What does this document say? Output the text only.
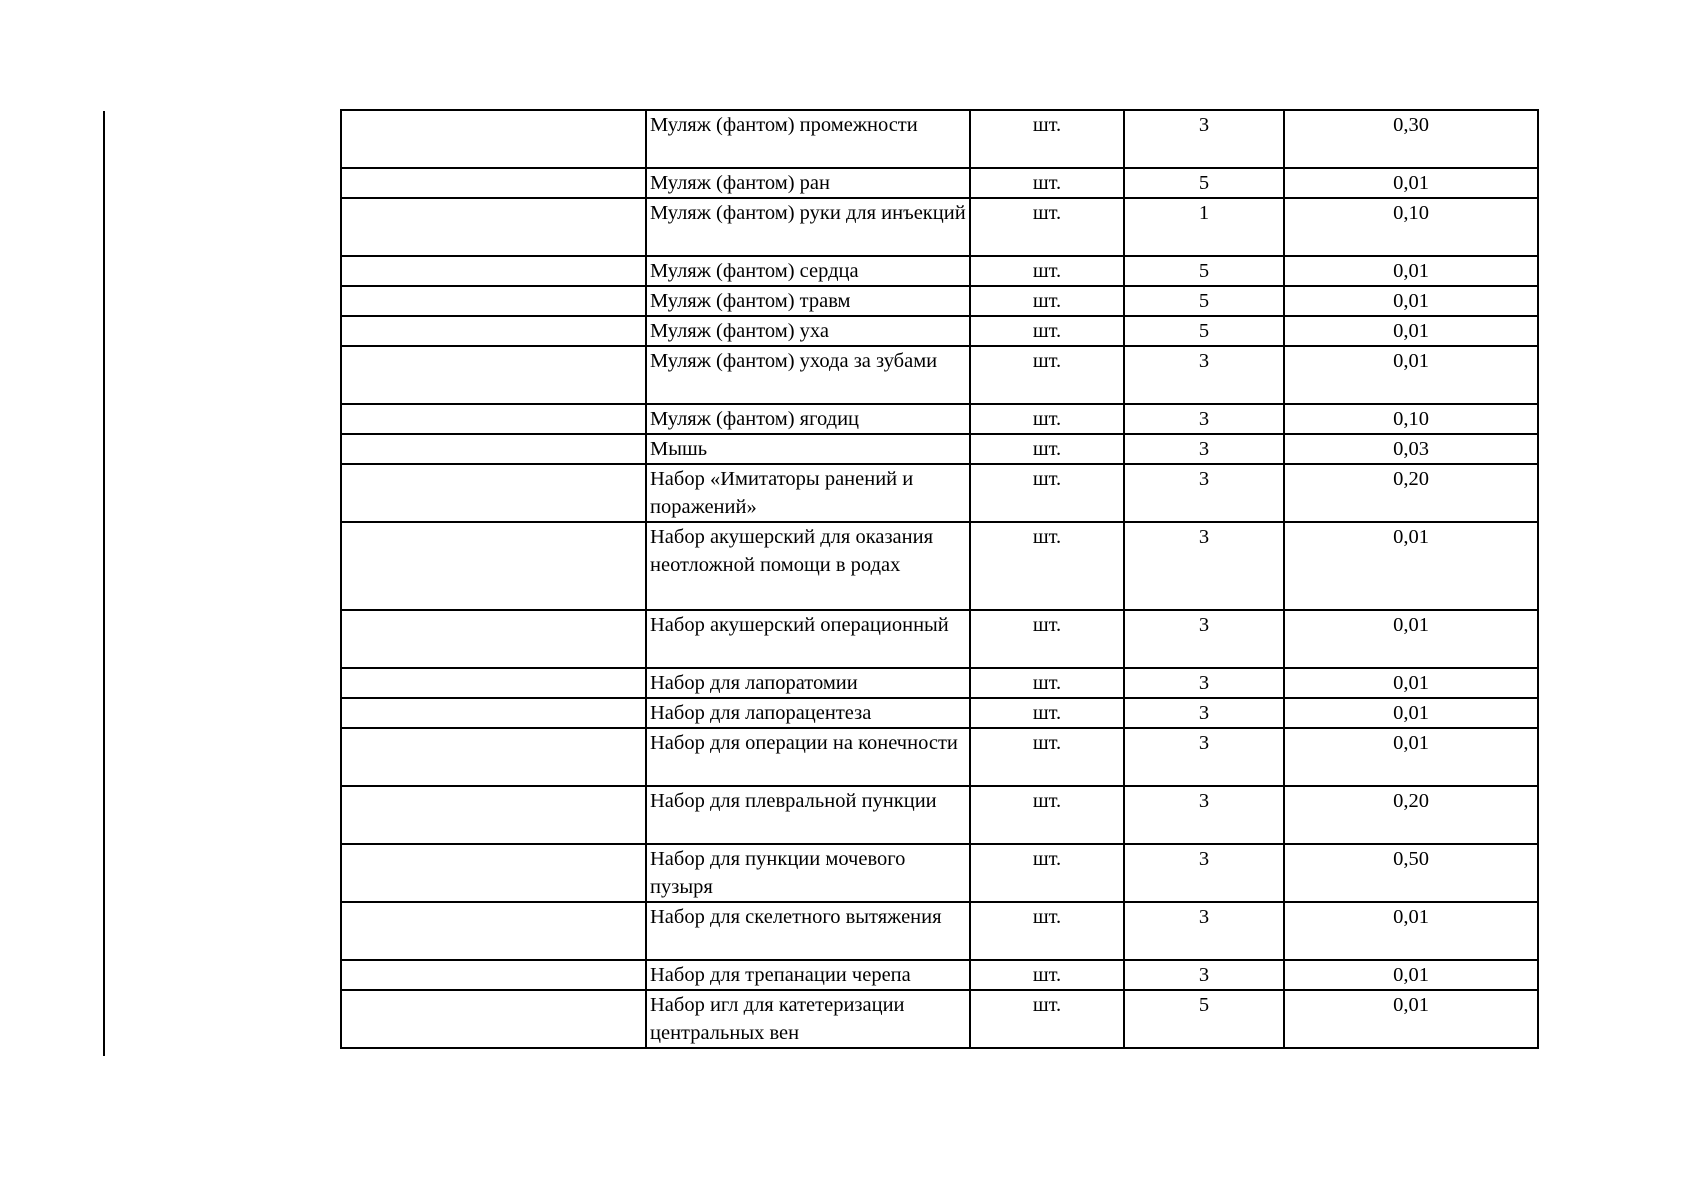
	Муляж (фантом) промежности	шт.	3	0,30
	Муляж (фантом) ран	шт.	5	0,01
	Муляж (фантом) руки для инъекций	шт.	1	0,10
	Муляж (фантом) сердца	шт.	5	0,01
	Муляж (фантом) травм	шт.	5	0,01
	Муляж (фантом) уха	шт.	5	0,01
	Муляж (фантом) ухода за зубами	шт.	3	0,01
	Муляж (фантом) ягодиц	шт.	3	0,10
	Мышь	шт.	3	0,03
	Набор «Имитаторы ранений и поражений»	шт.	3	0,20
	Набор акушерский для оказания неотложной помощи в родах	шт.	3	0,01
	Набор акушерский операционный	шт.	3	0,01
	Набор для лапоратомии	шт.	3	0,01
	Набор для лапорацентеза	шт.	3	0,01
	Набор для операции на конечности	шт.	3	0,01
	Набор для плевральной пункции	шт.	3	0,20
	Набор для пункции мочевого пузыря	шт.	3	0,50
	Набор для скелетного вытяжения	шт.	3	0,01
	Набор для трепанации черепа	шт.	3	0,01
	Набор игл для катетеризации центральных вен	шт.	5	0,01
